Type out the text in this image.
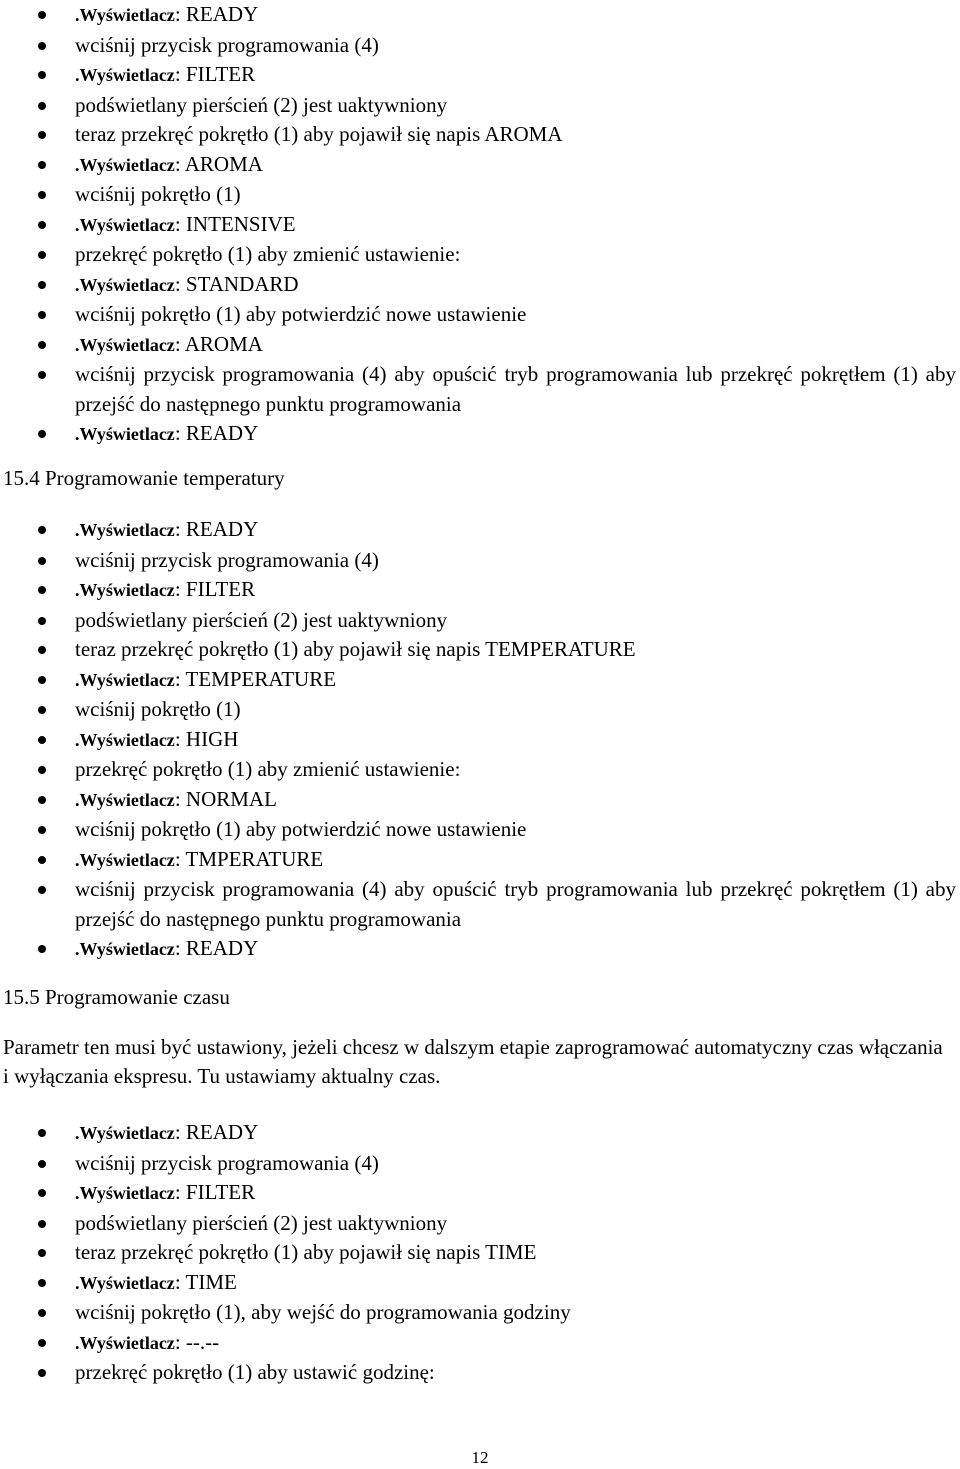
.Wyświetlacz: READY
wciśnij przycisk programowania (4)
.Wyświetlacz: FILTER
podświetlany pierścień (2) jest uaktywniony
teraz przekręć pokrętło (1) aby pojawił się napis AROMA
.Wyświetlacz: AROMA
wciśnij pokrętło (1)
.Wyświetlacz: INTENSIVE
przekręć pokrętło (1) aby zmienić ustawienie:
.Wyświetlacz: STANDARD
wciśnij pokrętło (1) aby potwierdzić nowe ustawienie
.Wyświetlacz: AROMA
wciśnij przycisk programowania (4) aby opuścić tryb programowania lub przekręć pokrętłem (1) aby przejść do następnego punktu programowania
.Wyświetlacz: READY
15.4 Programowanie temperatury
.Wyświetlacz: READY
wciśnij przycisk programowania (4)
.Wyświetlacz: FILTER
podświetlany pierścień (2) jest uaktywniony
teraz przekręć pokrętło (1) aby pojawił się napis TEMPERATURE
.Wyświetlacz: TEMPERATURE
wciśnij pokrętło (1)
.Wyświetlacz: HIGH
przekręć pokrętło (1) aby zmienić ustawienie:
.Wyświetlacz: NORMAL
wciśnij pokrętło (1) aby potwierdzić nowe ustawienie
.Wyświetlacz: TMPERATURE
wciśnij przycisk programowania (4) aby opuścić tryb programowania lub przekręć pokrętłem (1) aby przejść do następnego punktu programowania
.Wyświetlacz: READY
15.5 Programowanie czasu
Parametr ten musi być ustawiony, jeżeli chcesz w dalszym etapie zaprogramować automatyczny czas włączania i wyłączania ekspresu. Tu ustawiamy aktualny czas.
.Wyświetlacz: READY
wciśnij przycisk programowania (4)
.Wyświetlacz: FILTER
podświetlany pierścień (2) jest uaktywniony
teraz przekręć pokrętło (1) aby pojawił się napis TIME
.Wyświetlacz: TIME
wciśnij pokrętło (1), aby wejść do programowania godziny
.Wyświetlacz: --.--
przekręć pokrętło (1) aby ustawić godzinę:
12
